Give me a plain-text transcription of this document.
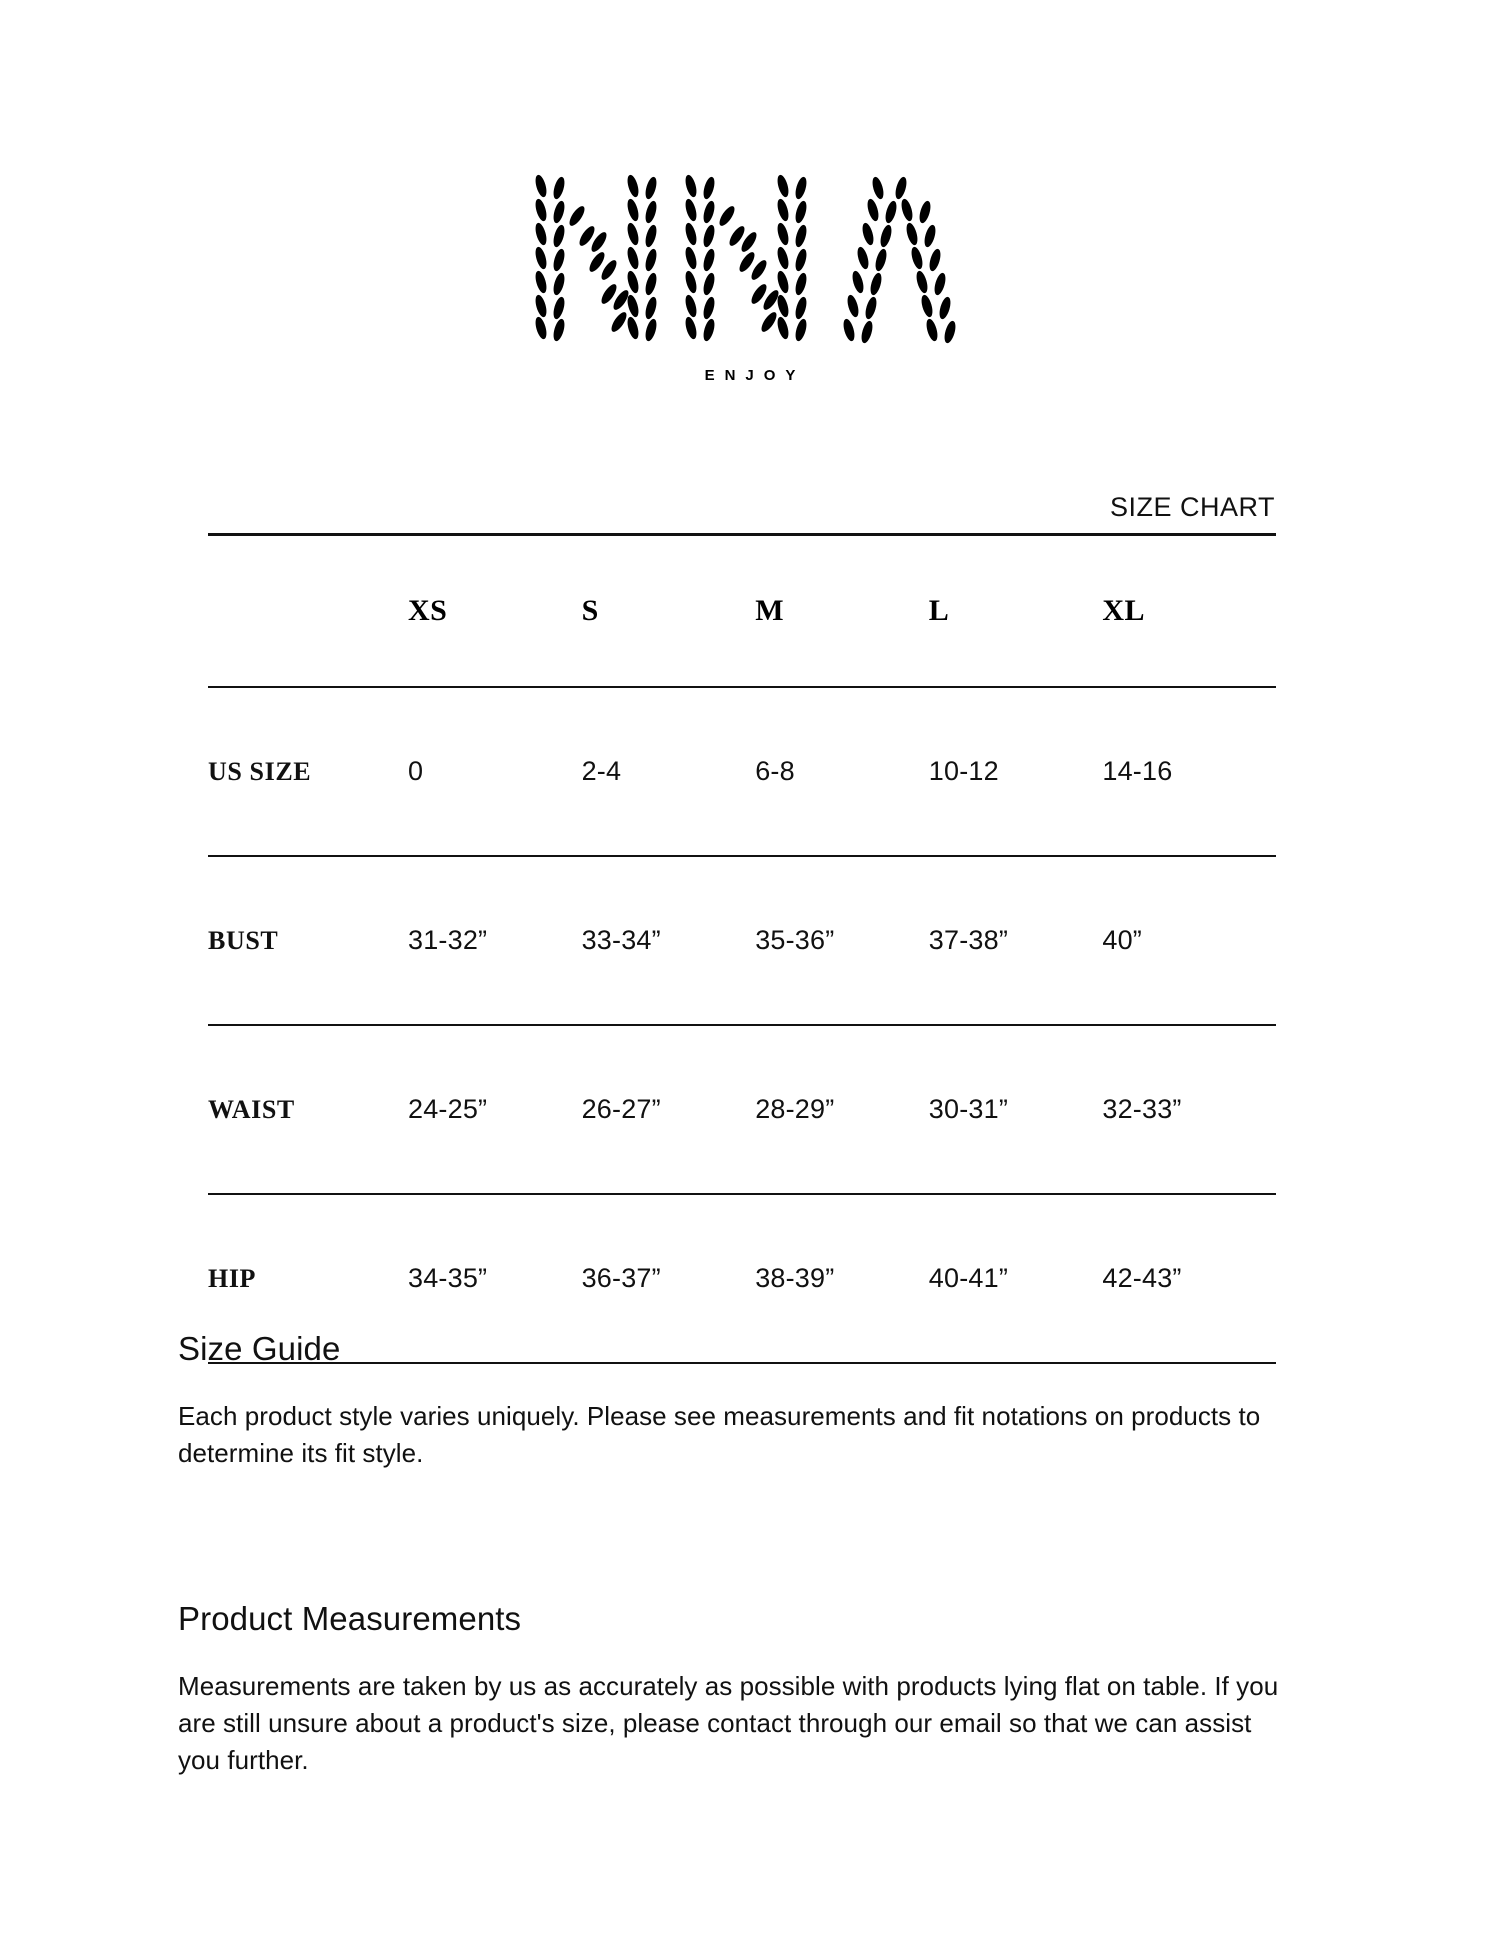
ENJOY
SIZE CHART
	XS	S	M	L	XL

US SIZE	0	2-4	6-8	10-12	14-16

BUST	31-32”	33-34”	35-36”	37-38”	40”

WAIST	24-25”	26-27”	28-29”	30-31”	32-33”

HIP	34-35”	36-37”	38-39”	40-41”	42-43”
Size Guide

Each product style varies uniquely. Please see measurements and fit notations on products to determine its fit style.

Product Measurements

Measurements are taken by us as accurately as possible with products lying flat on table. If you are still unsure about a product's size, please contact through our email so that we can assist you further.
